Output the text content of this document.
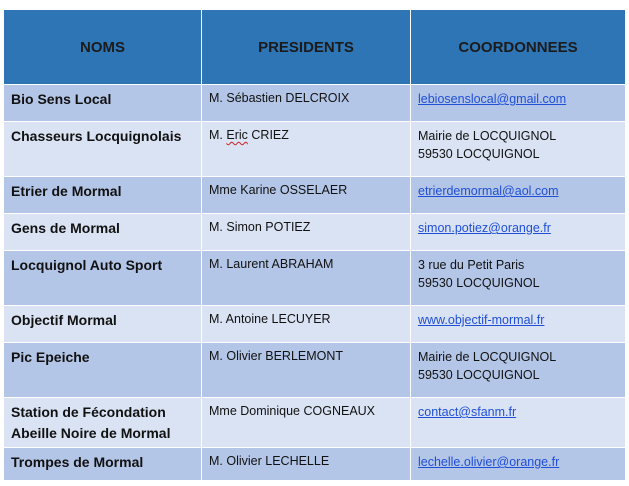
NOMS	PRESIDENTS	COORDONNEES
Bio Sens Local	M. Sébastien DELCROIX	lebiosenslocal@gmail.com
Chasseurs Locquignolais	M. Eric CRIEZ	Mairie de LOCQUIGNOL
59530 LOCQUIGNOL

Etrier de Mormal	Mme Karine OSSELAER	etrierdemormal@aol.com
Gens de Mormal	M. Simon POTIEZ	simon.potiez@orange.fr
Locquignol Auto Sport	M. Laurent ABRAHAM	3 rue du Petit Paris
59530 LOCQUIGNOL

Objectif Mormal	M. Antoine LECUYER	www.objectif-mormal.fr
Pic Epeiche	M. Olivier BERLEMONT	Mairie de LOCQUIGNOL
59530 LOCQUIGNOL

Station de Fécondation
Abeille Noire de Mormal	Mme Dominique COGNEAUX	contact@sfanm.fr
Trompes de Mormal	M. Olivier LECHELLE	lechelle.olivier@orange.fr
